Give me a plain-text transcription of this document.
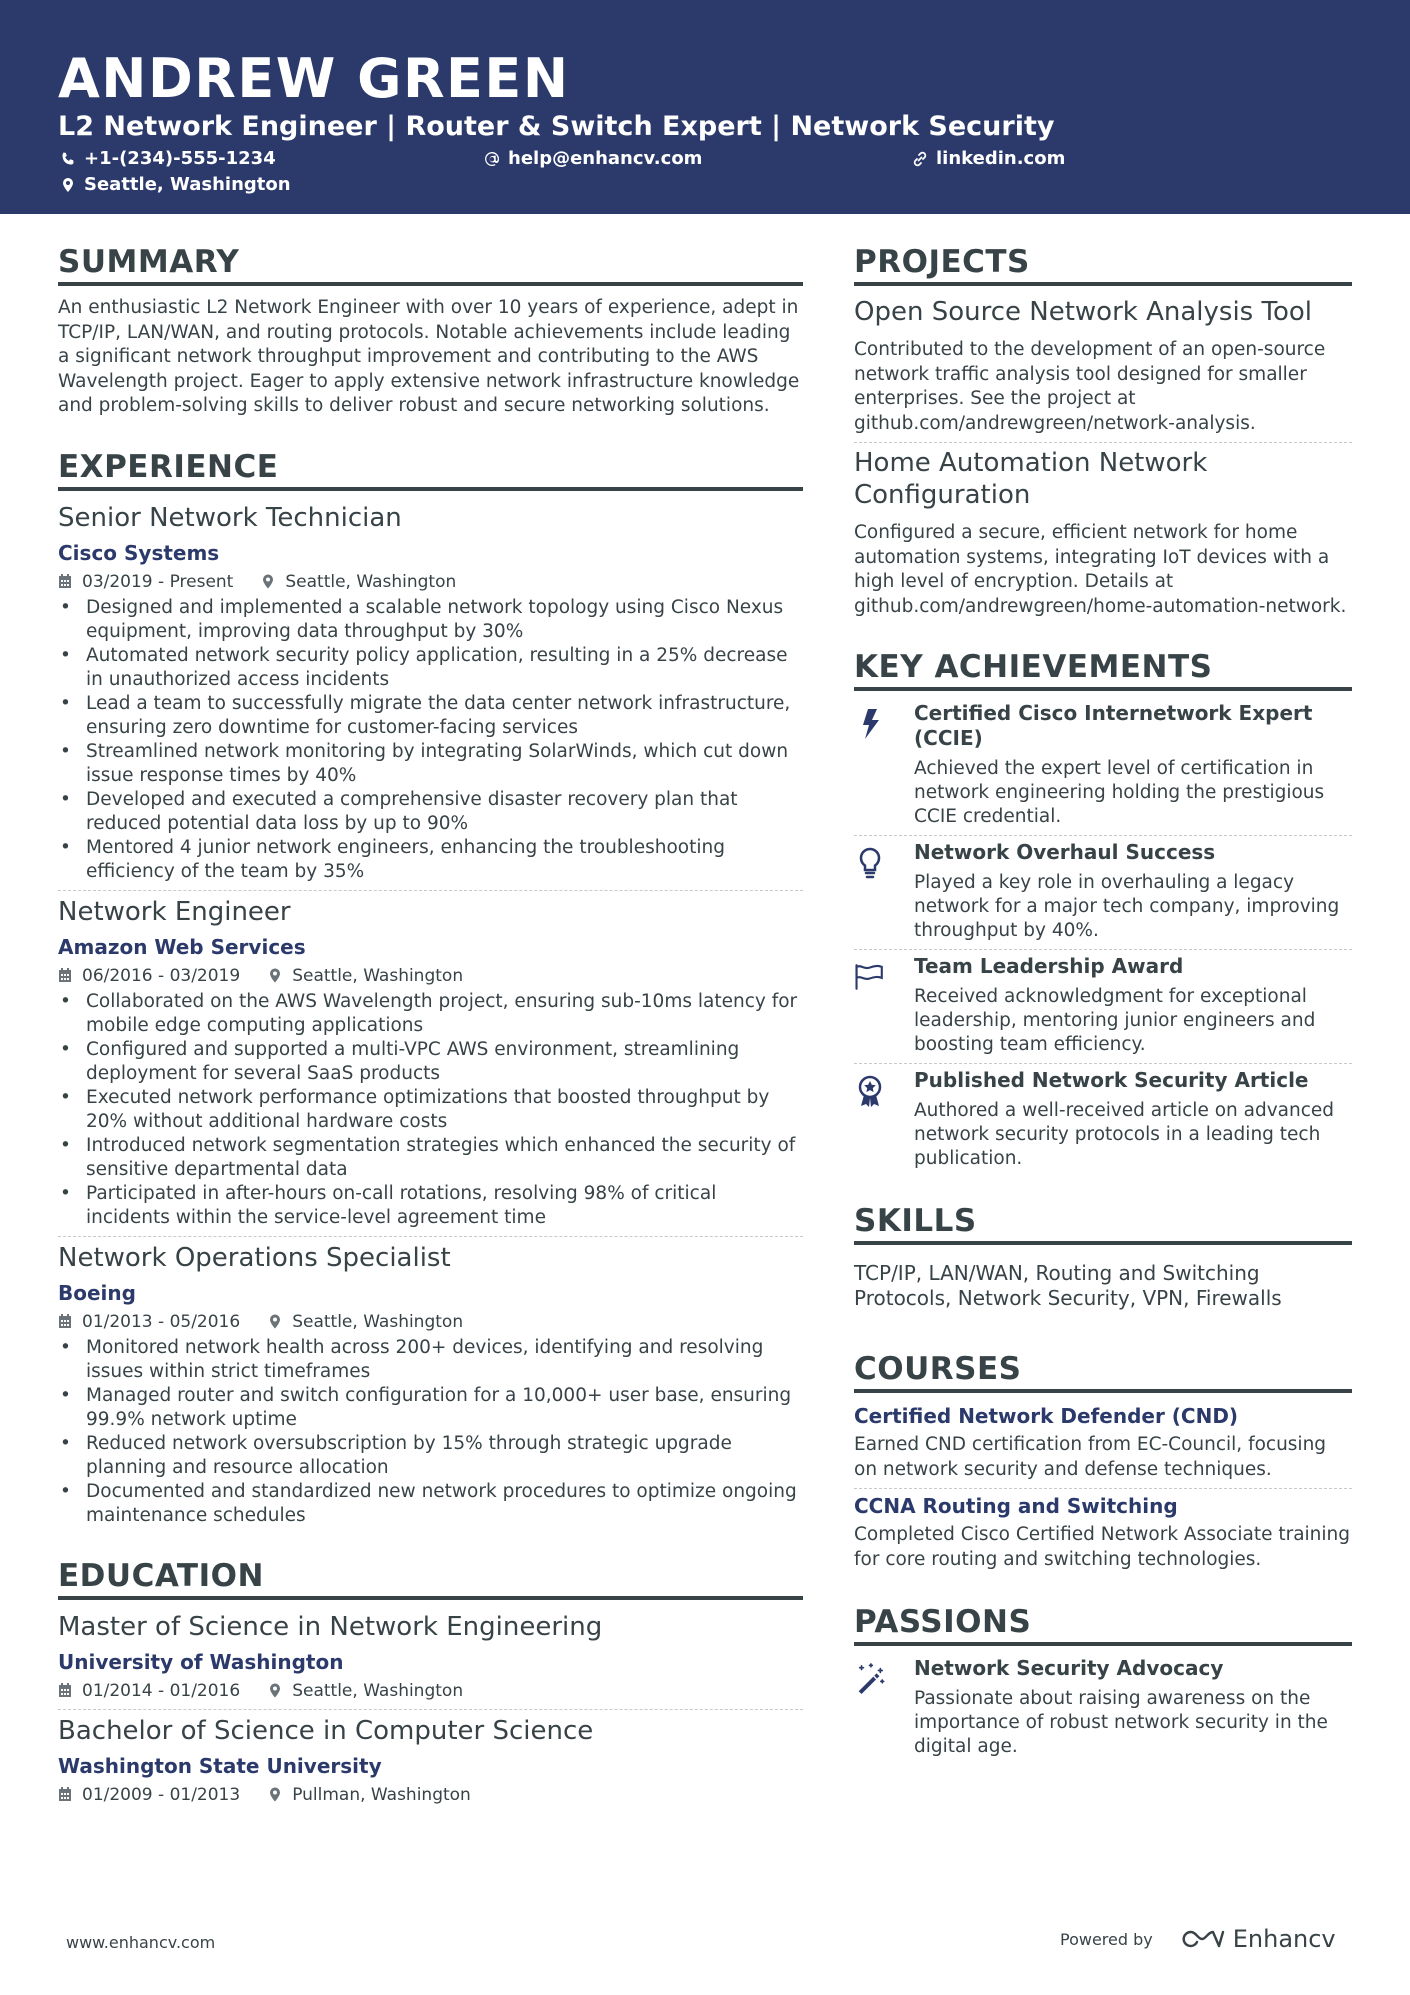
ANDREW GREEN
L2 Network Engineer | Router & Switch Expert | Network Security
+1-(234)-555-1234	help@enhancv.com	linkedin.com
Seattle, Washington
SUMMARY
An enthusiastic L2 Network Engineer with over 10 years of experience, adept in TCP/IP, LAN/WAN, and routing protocols. Notable achievements include leading a significant network throughput improvement and contributing to the AWS Wavelength project. Eager to apply extensive network infrastructure knowledge and problem-solving skills to deliver robust and secure networking solutions.
EXPERIENCE
Senior Network Technician
Cisco Systems
03/2019 - Present	Seattle, Washington
• Designed and implemented a scalable network topology using Cisco Nexus equipment, improving data throughput by 30%
• Automated network security policy application, resulting in a 25% decrease in unauthorized access incidents
• Lead a team to successfully migrate the data center network infrastructure, ensuring zero downtime for customer-facing services
• Streamlined network monitoring by integrating SolarWinds, which cut down issue response times by 40%
• Developed and executed a comprehensive disaster recovery plan that reduced potential data loss by up to 90%
• Mentored 4 junior network engineers, enhancing the troubleshooting efficiency of the team by 35%
Network Engineer
Amazon Web Services
06/2016 - 03/2019	Seattle, Washington
• Collaborated on the AWS Wavelength project, ensuring sub-10ms latency for mobile edge computing applications
• Configured and supported a multi-VPC AWS environment, streamlining deployment for several SaaS products
• Executed network performance optimizations that boosted throughput by 20% without additional hardware costs
• Introduced network segmentation strategies which enhanced the security of sensitive departmental data
• Participated in after-hours on-call rotations, resolving 98% of critical incidents within the service-level agreement time
Network Operations Specialist
Boeing
01/2013 - 05/2016	Seattle, Washington
• Monitored network health across 200+ devices, identifying and resolving issues within strict timeframes
• Managed router and switch configuration for a 10,000+ user base, ensuring 99.9% network uptime
• Reduced network oversubscription by 15% through strategic upgrade planning and resource allocation
• Documented and standardized new network procedures to optimize ongoing maintenance schedules
EDUCATION
Master of Science in Network Engineering
University of Washington
01/2014 - 01/2016	Seattle, Washington
Bachelor of Science in Computer Science
Washington State University
01/2009 - 01/2013	Pullman, Washington
PROJECTS
Open Source Network Analysis Tool
Contributed to the development of an open-source network traffic analysis tool designed for smaller enterprises. See the project at github.com/andrewgreen/network-analysis.
Home Automation Network Configuration
Configured a secure, efficient network for home automation systems, integrating IoT devices with a high level of encryption. Details at github.com/andrewgreen/home-automation-network.
KEY ACHIEVEMENTS
Certified Cisco Internetwork Expert (CCIE)
Achieved the expert level of certification in network engineering holding the prestigious CCIE credential.
Network Overhaul Success
Played a key role in overhauling a legacy network for a major tech company, improving throughput by 40%.
Team Leadership Award
Received acknowledgment for exceptional leadership, mentoring junior engineers and boosting team efficiency.
Published Network Security Article
Authored a well-received article on advanced network security protocols in a leading tech publication.
SKILLS
TCP/IP, LAN/WAN, Routing and Switching Protocols, Network Security, VPN, Firewalls
COURSES
Certified Network Defender (CND)
Earned CND certification from EC-Council, focusing on network security and defense techniques.
CCNA Routing and Switching
Completed Cisco Certified Network Associate training for core routing and switching technologies.
PASSIONS
Network Security Advocacy
Passionate about raising awareness on the importance of robust network security in the digital age.
www.enhancv.com	Powered by	Enhancv
